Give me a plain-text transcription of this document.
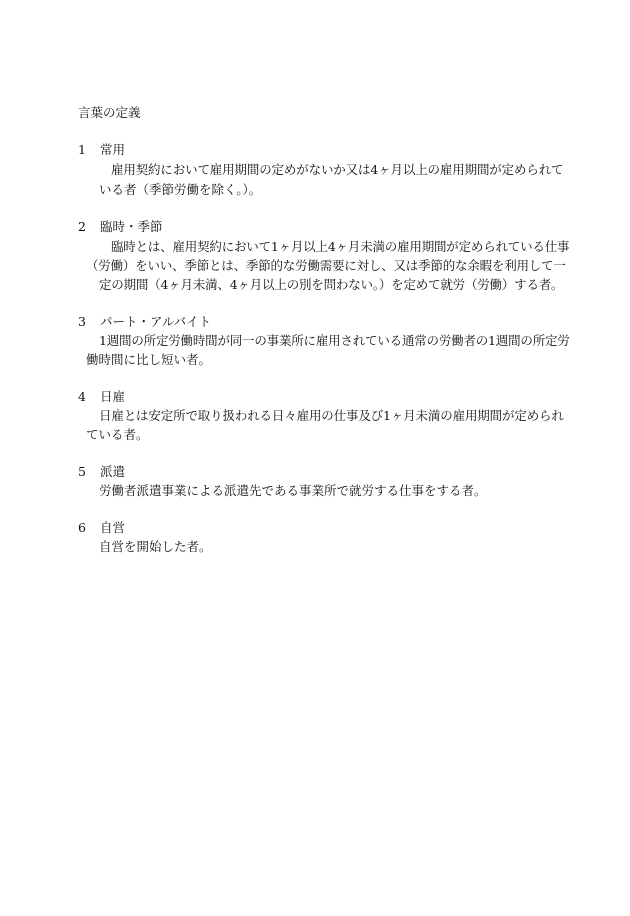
言葉の定義
1 常用
雇用契約において雇用期間の定めがないか又は4ヶ月以上の雇用期間が定められて
いる者（季節労働を除く。）。
2 臨時・季節
臨時とは、雇用契約において1ヶ月以上4ヶ月未満の雇用期間が定められている仕事
（労働）をいい、季節とは、季節的な労働需要に対し、又は季節的な余暇を利用して一
定の期間（4ヶ月未満、4ヶ月以上の別を問わない。）を定めて就労（労働）する者。
3 パート・アルバイト
1週間の所定労働時間が同一の事業所に雇用されている通常の労働者の1週間の所定労
働時間に比し短い者。
4 日雇
日雇とは安定所で取り扱われる日々雇用の仕事及び1ヶ月未満の雇用期間が定められ
ている者。
5 派遣
労働者派遣事業による派遣先である事業所で就労する仕事をする者。
6 自営
自営を開始した者。
